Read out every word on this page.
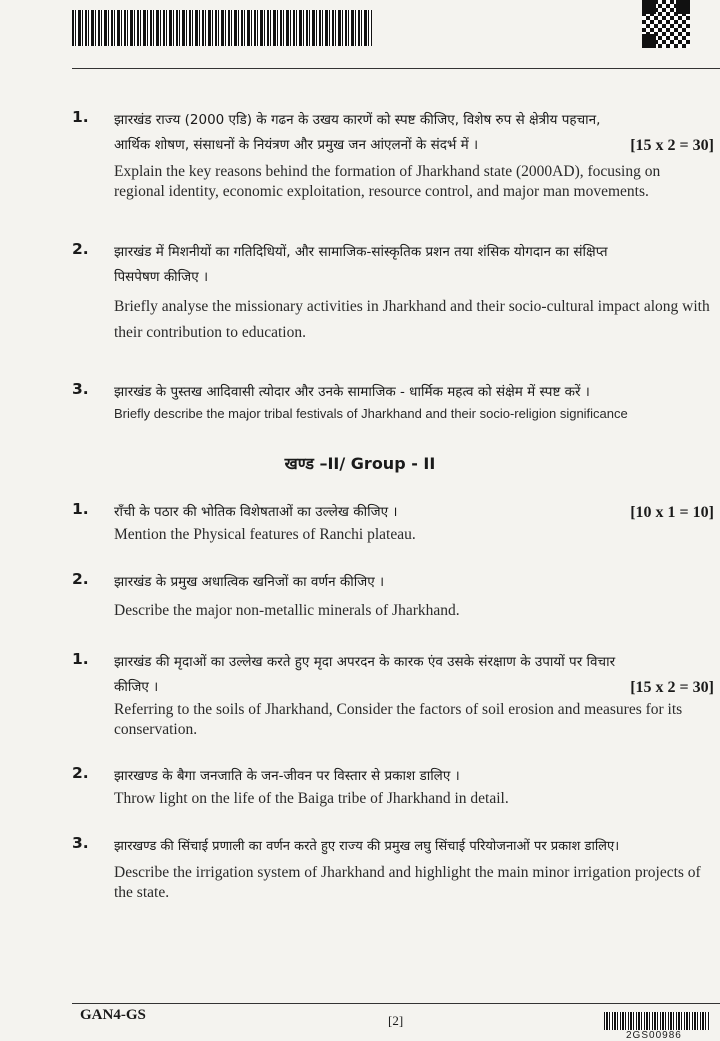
1. झारखंड राज्य (2000 एडि) के गढन के उखय कारणें को स्पष्ट कीजिए, विशेष रुप से क्षेत्रीय पहचान,

आर्थिक शोषण, संसाधनों के नियंत्रण और प्रमुख जन आंएलनों के संदर्भ में ।	[15 x 2 = 30]

Explain the key reasons behind the formation of Jharkhand state (2000AD), focusing on regional identity, economic exploitation, resource control, and major man movements.

2. झारखंड में मिशनीयों का गतिदिधियों, और सामाजिक-सांस्कृतिक प्रशन तया शंसिक योगदान का संक्षिप्त

पिसपेषण कीजिए ।

Briefly analyse the missionary activities in Jharkhand and their socio-cultural impact along with their contribution to education.

3. झारखंड के पुस्तख आदिवासी त्योदार और उनके सामाजिक - धार्मिक महत्व को संक्षेम में स्पष्ट करें ।

Briefly describe the major tribal festivals of Jharkhand and their socio-religion significance

खण्ड –II/ Group - II
1. राँची के पठार की भोतिक विशेषताओं का उल्लेख कीजिए ।	[10 x 1 = 10]

Mention the Physical features of Ranchi plateau.

2. झारखंड के प्रमुख अधात्विक खनिजों का वर्णन कीजिए ।

Describe the major non-metallic minerals of Jharkhand.

1. झारखंड की मृदाओं का उल्लेख करते हुए मृदा अपरदन के कारक एंव उसके संरक्षाण के उपायों पर विचार

कीजिए ।	[15 x 2 = 30]

Referring to the soils of Jharkhand, Consider the factors of soil erosion and measures for its conservation.

2. झारखण्ड के बैगा जनजाति के जन-जीवन पर विस्तार से प्रकाश डालिए ।

Throw light on the life of the Baiga tribe of Jharkhand in detail.

3. झारखण्ड की सिंचाई प्रणाली का वर्णन करते हुए राज्य की प्रमुख लघु सिंचाई परियोजनाओं पर प्रकाश डालिए।

Describe the irrigation system of Jharkhand and highlight the main minor irrigation projects of the state.

GAN4-GS	[2]
2GS00986
